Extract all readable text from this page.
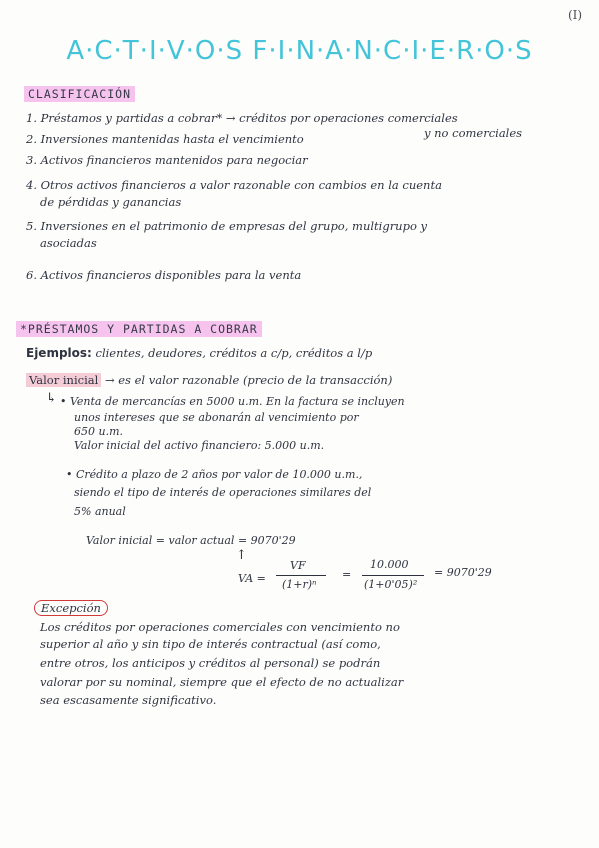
(I)
A·C·T·I·V·O·S F·I·N·A·N·C·I·E·R·O·S
CLASIFICACIÓN
1. Préstamos y partidas a cobrar* → créditos por operaciones comerciales
y no comerciales
2. Inversiones mantenidas hasta el vencimiento
3. Activos financieros mantenidos para negociar
4. Otros activos financieros a valor razonable con cambios en la cuenta
de pérdidas y ganancias
5. Inversiones en el patrimonio de empresas del grupo, multigrupo y
asociadas
6. Activos financieros disponibles para la venta
*PRÉSTAMOS Y PARTIDAS A COBRAR
Ejemplos: clientes, deudores, créditos a c/p, créditos a l/p
Valor inicial → es el valor razonable (precio de la transacción)
↳ • Venta de mercancías en 5000 u.m. En la factura se incluyen
unos intereses que se abonarán al vencimiento por
650 u.m.
Valor inicial del activo financiero: 5.000 u.m.
• Crédito a plazo de 2 años por valor de 10.000 u.m.,
siendo el tipo de interés de operaciones similares del
5% anual
Valor inicial = valor actual = 9070'29
↑
VA =
VF
(1+r)ⁿ
=
10.000
(1+0'05)²
= 9070'29
Excepción
Los créditos por operaciones comerciales con vencimiento no
superior al año y sin tipo de interés contractual (así como,
entre otros, los anticipos y créditos al personal) se podrán
valorar por su nominal, siempre que el efecto de no actualizar
sea escasamente significativo.
